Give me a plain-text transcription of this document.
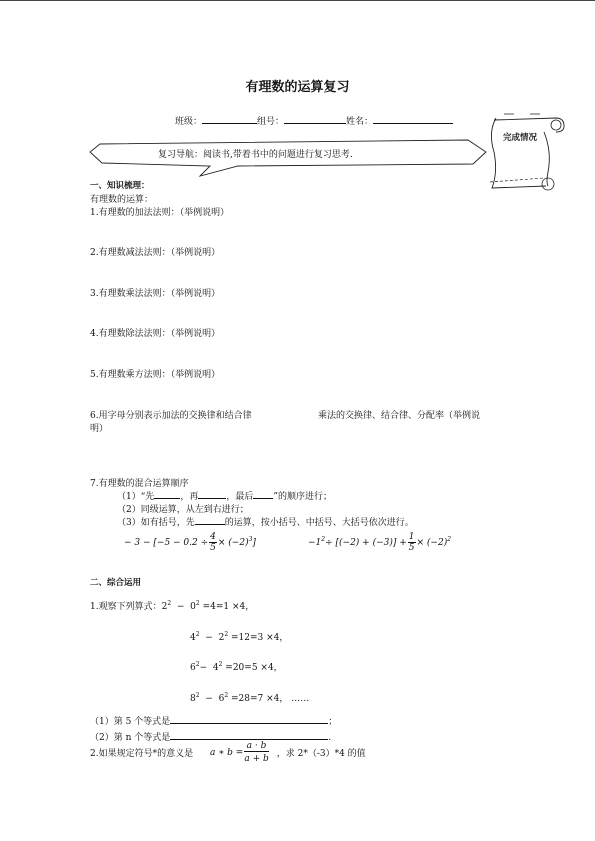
有理数的运算复习
班级：	组号：	姓名：
复习导航：阅读书,带着书中的问题进行复习思考.
完成情况
一、知识梳理：
有理数的运算：
1.有理数的加法法则：（举例说明）
2.有理数减法法则：（举例说明）
3.有理数乘法法则：（举例说明）
4.有理数除法法则：（举例说明）
5.有理数乘方法则：（举例说明）
6.用字母分别表示加法的交换律和结合律	乘法的交换律、结合律、分配率（举例说
明）
7.有理数的混合运算顺序
（1）“先	，再	，最后 ”的顺序进行；
（2）同级运算，从左到右进行；
（3）如有括号，先	的运算，按小括号、中括号、大括号依次进行。
− $3 - [-5 - 0.2 \div \frac{4}{5} \times (-2)^3]$	$-1^2\div [(-2) + (-3)] + \frac{1}{5} \times (-2)^2$
二、综合运用
1.观察下列算式：$2^2 - 0^2 =4=1 \times 4$，
$4^2 - 2^2 =12=3 \times 4$，
$6^2- 4^2 =20=5 \times 4$，
$8^2 - 6^2 =28=7 \times 4$， ……
（1）第 5 个等式是	；
（2）第 n 个等式是	.
2.如果规定符号*的意义是 a ∗ $b = \frac{a \cdot b}{a + b}$ ，求 2*（-3）*4 的值
